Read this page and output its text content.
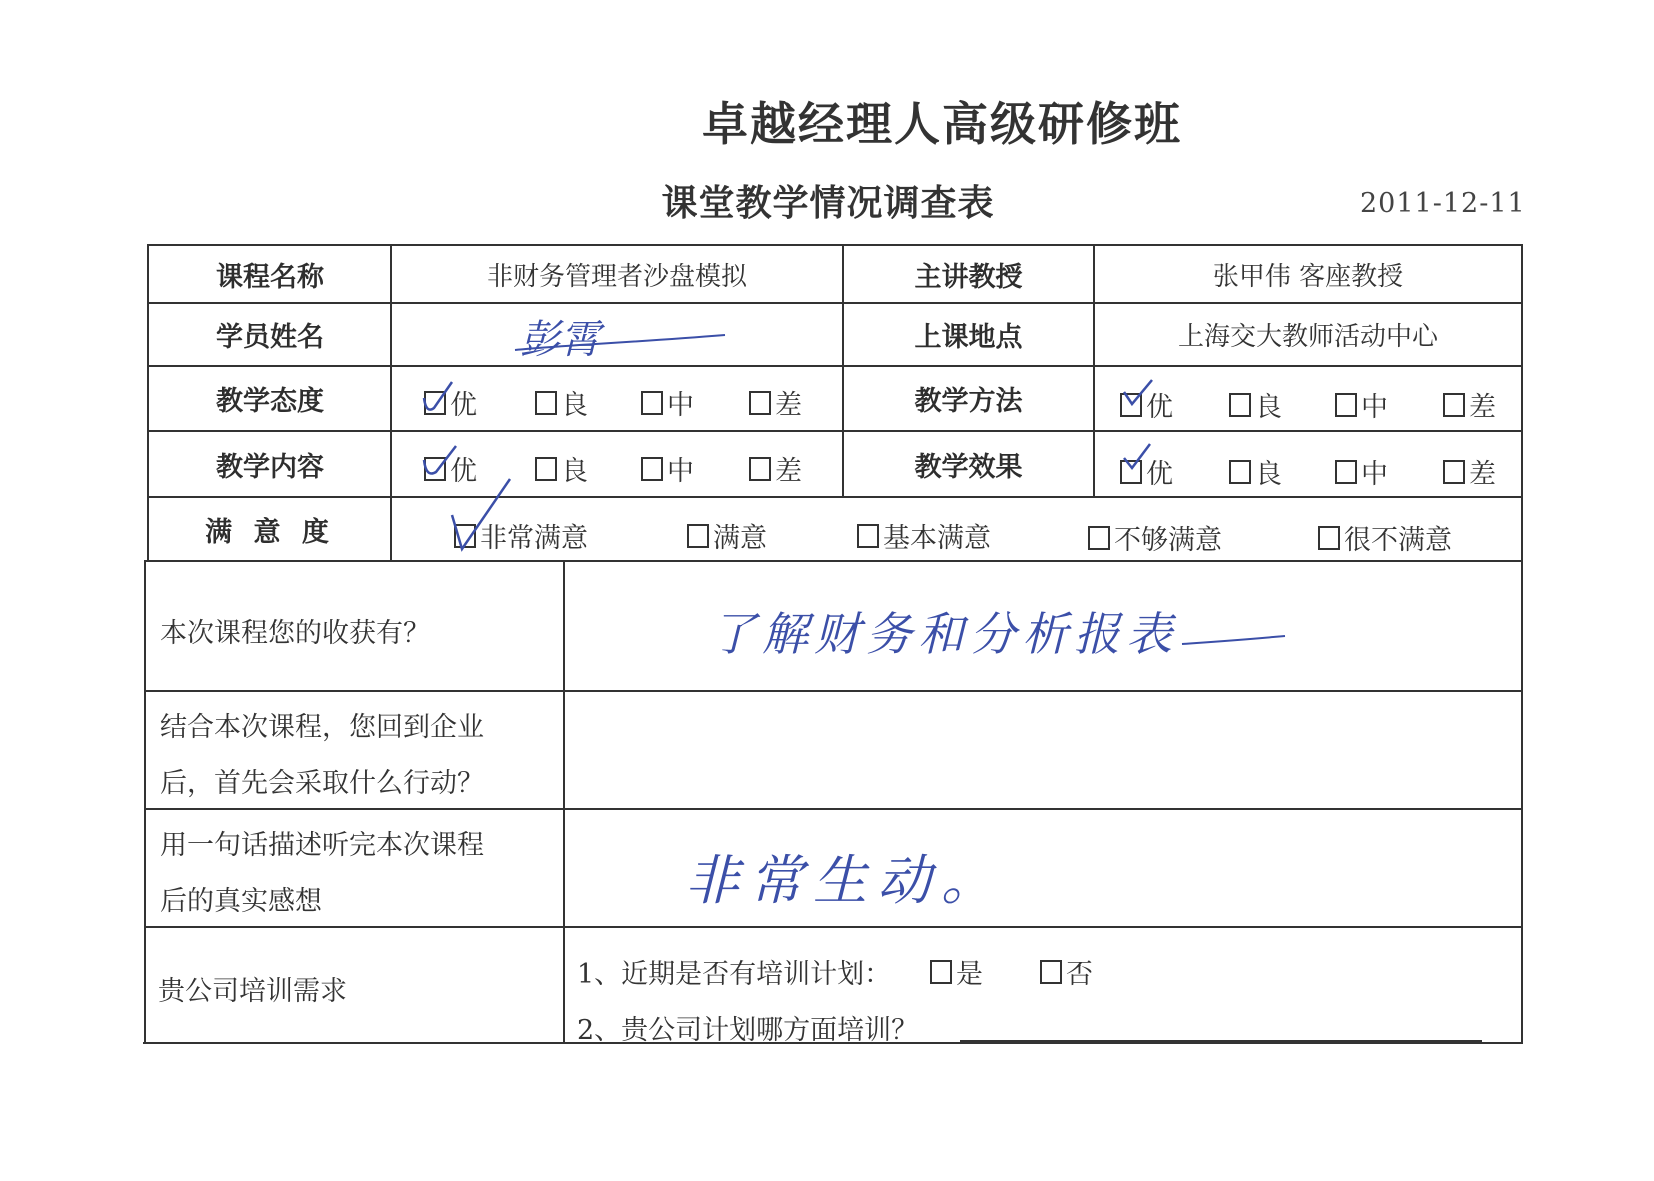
卓越经理人高级研修班
课堂教学情况调查表	2011-12-11
课程名称	非财务管理者沙盘模拟	主讲教授	张甲伟 客座教授
学员姓名	彭霄	上课地点	上海交大教师活动中心
教学态度	优	良	中	差	教学方法	优	良	中	差
教学内容	优	良	中	差	教学效果	优	良	中	差
满 意 度	非常满意	满意	基本满意	不够满意	很不满意
本次课程您的收获有？	了解财务和分析报表
结合本次课程，您回到企业
后，首先会采取什么行动？
用一句话描述听完本次课程
后的真实感想	非常生动。
贵公司培训需求
1、近期是否有培训计划： 是	否
2、贵公司计划哪方面培训？
